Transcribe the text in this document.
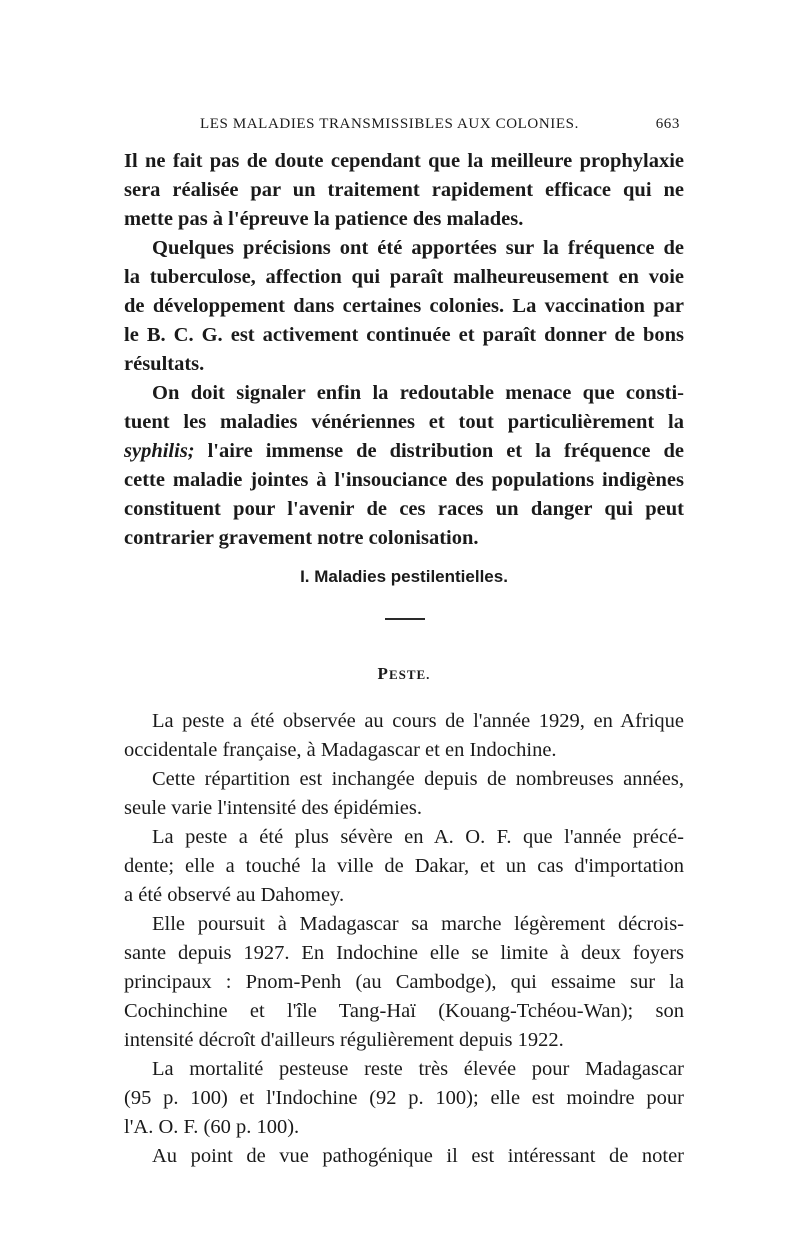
LES MALADIES TRANSMISSIBLES AUX COLONIES.	663
Il ne fait pas de doute cependant que la meilleure prophylaxie
sera réalisée par un traitement rapidement efficace qui ne
mette pas à l'épreuve la patience des malades.
Quelques précisions ont été apportées sur la fréquence de
la tuberculose, affection qui paraît malheureusement en voie
de développement dans certaines colonies. La vaccination par
le B. C. G. est activement continuée et paraît donner de bons
résultats.
On doit signaler enfin la redoutable menace que consti-
tuent les maladies vénériennes et tout particulièrement la
syphilis; l'aire immense de distribution et la fréquence de
cette maladie jointes à l'insouciance des populations indigènes
constituent pour l'avenir de ces races un danger qui peut
contrarier gravement notre colonisation.
I. Maladies pestilentielles.
PESTE.
La peste a été observée au cours de l'année 1929, en Afrique
occidentale française, à Madagascar et en Indochine.
Cette répartition est inchangée depuis de nombreuses années,
seule varie l'intensité des épidémies.
La peste a été plus sévère en A. O. F. que l'année précé-
dente; elle a touché la ville de Dakar, et un cas d'importation
a été observé au Dahomey.
Elle poursuit à Madagascar sa marche légèrement décrois-
sante depuis 1927. En Indochine elle se limite à deux foyers
principaux : Pnom-Penh (au Cambodge), qui essaime sur la
Cochinchine et l'île Tang-Haï (Kouang-Tchéou-Wan); son
intensité décroît d'ailleurs régulièrement depuis 1922.
La mortalité pesteuse reste très élevée pour Madagascar
(95 p. 100) et l'Indochine (92 p. 100); elle est moindre pour
l'A. O. F. (60 p. 100).
Au point de vue pathogénique il est intéressant de noter
